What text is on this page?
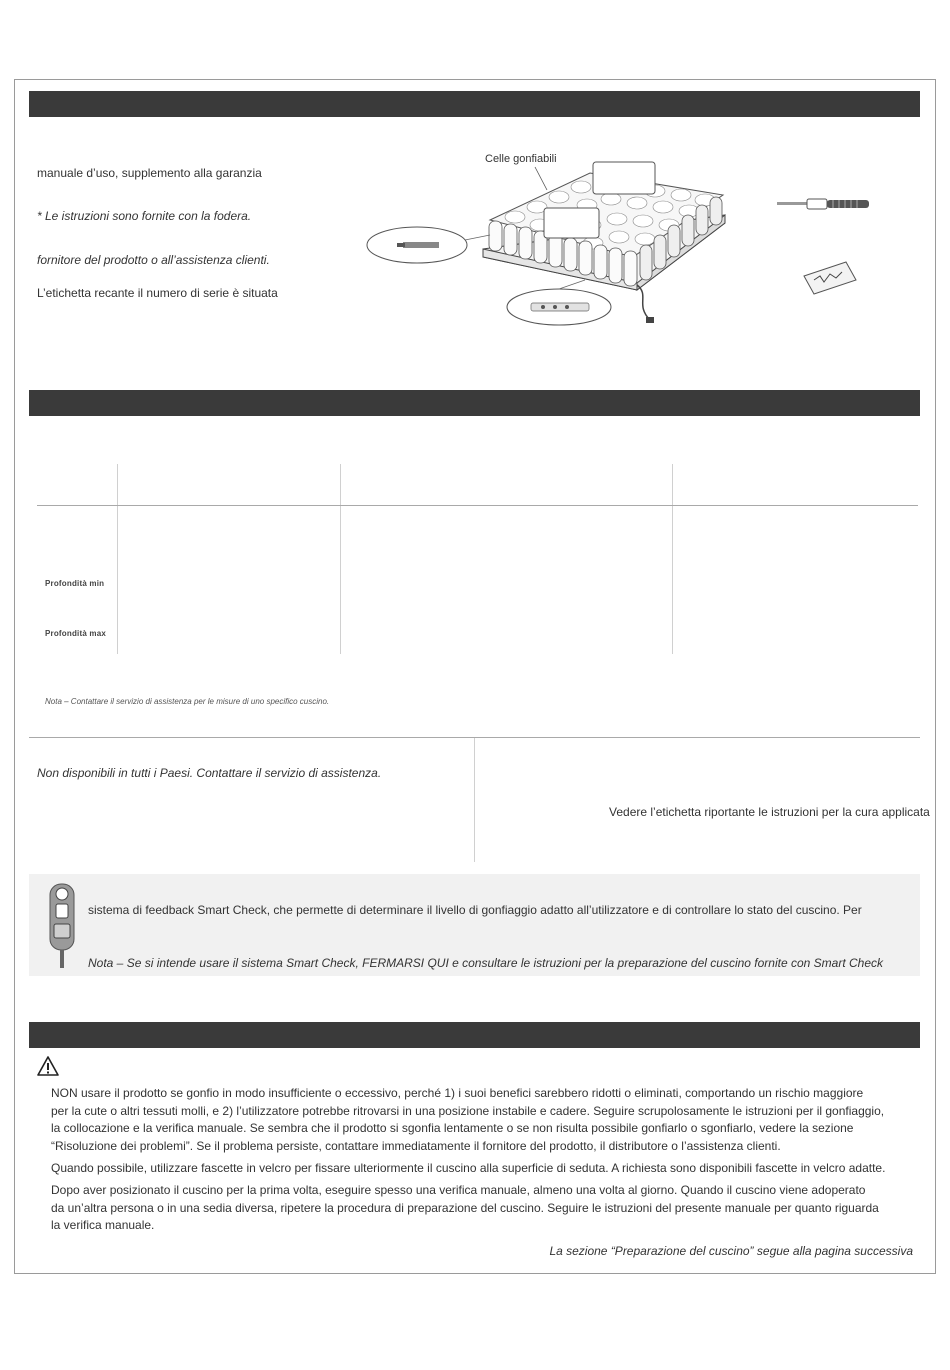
manuale d’uso, supplemento alla garanzia
* Le istruzioni sono fornite con la fodera.
fornitore del prodotto o all’assistenza clienti.
L’etichetta recante il numero di serie è situata
Celle gonfiabili
Profondità min
Profondità max
Nota – Contattare il servizio di assistenza per le misure di uno specifico cuscino.
Non disponibili in tutti i Paesi. Contattare il servizio di assistenza.
Vedere l’etichetta riportante le istruzioni per la cura applicata
sistema di feedback Smart Check, che permette di determinare il livello di gonfiaggio adatto all’utilizzatore e di controllare lo stato del cuscino. Per
Nota – Se si intende usare il sistema Smart Check, FERMARSI QUI e consultare le istruzioni per la preparazione del cuscino fornite con Smart Check
NON usare il prodotto se gonfio in modo insufficiente o eccessivo, perché 1) i suoi benefici sarebbero ridotti o eliminati, comportando un rischio maggiore
per la cute o altri tessuti molli, e 2) l’utilizzatore potrebbe ritrovarsi in una posizione instabile e cadere. Seguire scrupolosamente le istruzioni per il gonfiaggio,
la collocazione e la verifica manuale. Se sembra che il prodotto si sgonfia lentamente o se non risulta possibile gonfiarlo o sgonfiarlo, vedere la sezione
“Risoluzione dei problemi”. Se il problema persiste, contattare immediatamente il fornitore del prodotto, il distributore o l’assistenza clienti.
Quando possibile, utilizzare fascette in velcro per fissare ulteriormente il cuscino alla superficie di seduta. A richiesta sono disponibili fascette in velcro adatte.
Dopo aver posizionato il cuscino per la prima volta, eseguire spesso una verifica manuale, almeno una volta al giorno. Quando il cuscino viene adoperato
da un’altra persona o in una sedia diversa, ripetere la procedura di preparazione del cuscino. Seguire le istruzioni del presente manuale per quanto riguarda
la verifica manuale.
La sezione “Preparazione del cuscino” segue alla pagina successiva
